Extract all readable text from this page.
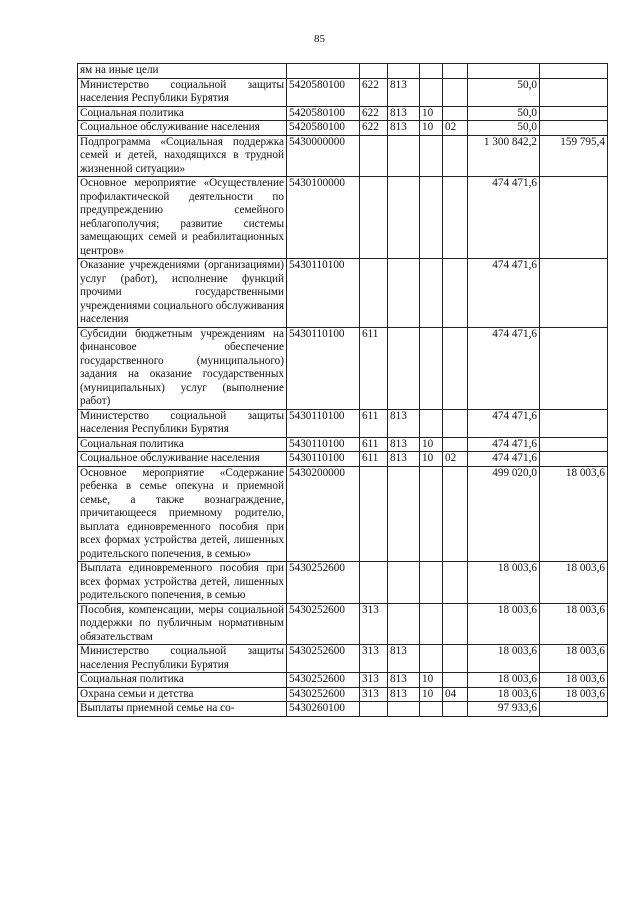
85
ям на иные цели							
Министерство социальной защиты населения Республики Бурятия	5420580100	622	813			50,0	
Социальная политика	5420580100	622	813	10		50,0	
Социальное обслуживание населения	5420580100	622	813	10	02	50,0	
Подпрограмма «Социальная поддержка семей и детей, находящихся в трудной жизненной ситуации»	5430000000					1 300 842,2	159 795,4
Основное мероприятие «Осуществление профилактической деятельности по предупреждению семейного неблагополучия; развитие системы замещающих семей и реабилитационных центров»	5430100000					474 471,6	
Оказание учреждениями (организациями) услуг (работ), исполнение функций прочими государственными учреждениями социального обслуживания населения	5430110100					474 471,6	
Субсидии бюджетным учреждениям на финансовое обеспечение государственного (муниципального) задания на оказание государственных (муниципальных) услуг (выполнение работ)	5430110100	611				474 471,6	
Министерство социальной защиты населения Республики Бурятия	5430110100	611	813			474 471,6	
Социальная политика	5430110100	611	813	10		474 471,6	
Социальное обслуживание населения	5430110100	611	813	10	02	474 471,6	
Основное мероприятие «Содержание ребенка в семье опекуна и приемной семье, а также вознаграждение, причитающееся приемному родителю, выплата единовременного пособия при всех формах устройства детей, лишенных родительского попечения, в семью»	5430200000					499 020,0	18 003,6
Выплата единовременного пособия при всех формах устройства детей, лишенных родительского попечения, в семью	5430252600					18 003,6	18 003,6
Пособия, компенсации, меры социальной поддержки по публичным нормативным обязательствам	5430252600	313				18 003,6	18 003,6
Министерство социальной защиты населения Республики Бурятия	5430252600	313	813			18 003,6	18 003,6
Социальная политика	5430252600	313	813	10		18 003,6	18 003,6
Охрана семьи и детства	5430252600	313	813	10	04	18 003,6	18 003,6
Выплаты приемной семье на со-	5430260100					97 933,6	
